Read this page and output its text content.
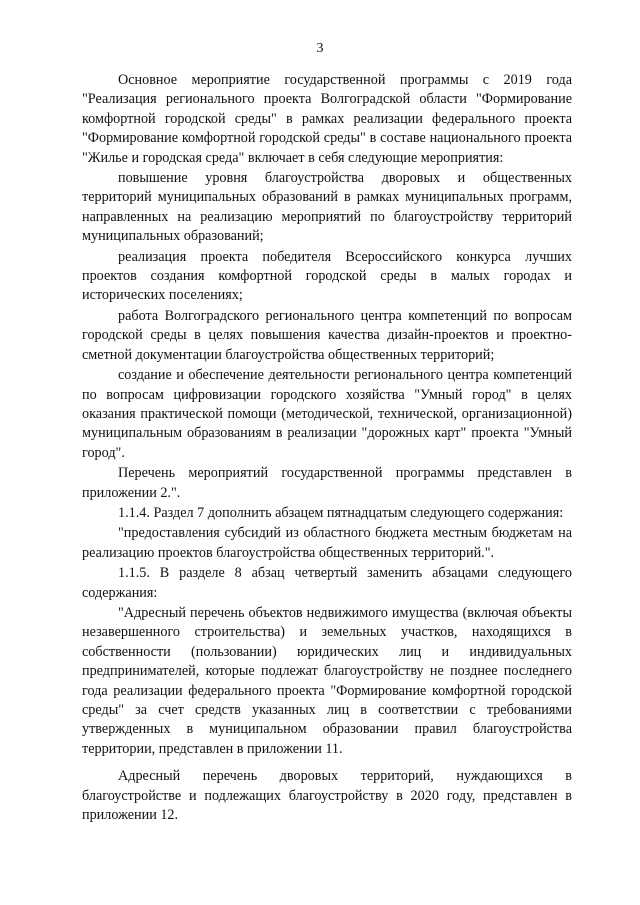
3

Основное мероприятие государственной программы с 2019 года "Реализация регионального проекта Волгоградской области "Формирование комфортной городской среды" в рамках реализации федерального проекта "Формирование комфортной городской среды" в составе национального проекта "Жилье и городская среда" включает в себя следующие мероприятия:

повышение уровня благоустройства дворовых и общественных территорий муниципальных образований в рамках муниципальных программ, направленных на реализацию мероприятий по благоустройству территорий муниципальных образований;

реализация проекта победителя Всероссийского конкурса лучших проектов создания комфортной городской среды в малых городах и исторических поселениях;

работа Волгоградского регионального центра компетенций по вопросам городской среды в целях повышения качества дизайн-проектов и проектно-сметной документации благоустройства общественных территорий;

создание и обеспечение деятельности регионального центра компетенций по вопросам цифровизации городского хозяйства "Умный город" в целях оказания практической помощи (методической, технической, организационной) муниципальным образованиям в реализации "дорожных карт" проекта "Умный город".

Перечень мероприятий государственной программы представлен в приложении 2.".

1.1.4. Раздел 7 дополнить абзацем пятнадцатым следующего содержания:

"предоставления субсидий из областного бюджета местным бюджетам на реализацию проектов благоустройства общественных территорий.".

1.1.5. В разделе 8 абзац четвертый заменить абзацами следующего содержания:

"Адресный перечень объектов недвижимого имущества (включая объекты незавершенного строительства) и земельных участков, находящихся в собственности (пользовании) юридических лиц и индивидуальных предпринимателей, которые подлежат благоустройству не позднее последнего года реализации федерального проекта "Формирование комфортной городской среды" за счет средств указанных лиц в соответствии с требованиями утвержденных в муниципальном образовании правил благоустройства территории, представлен в приложении 11.

Адресный перечень дворовых территорий, нуждающихся в благоустройстве и подлежащих благоустройству в 2020 году, представлен в приложении 12.
